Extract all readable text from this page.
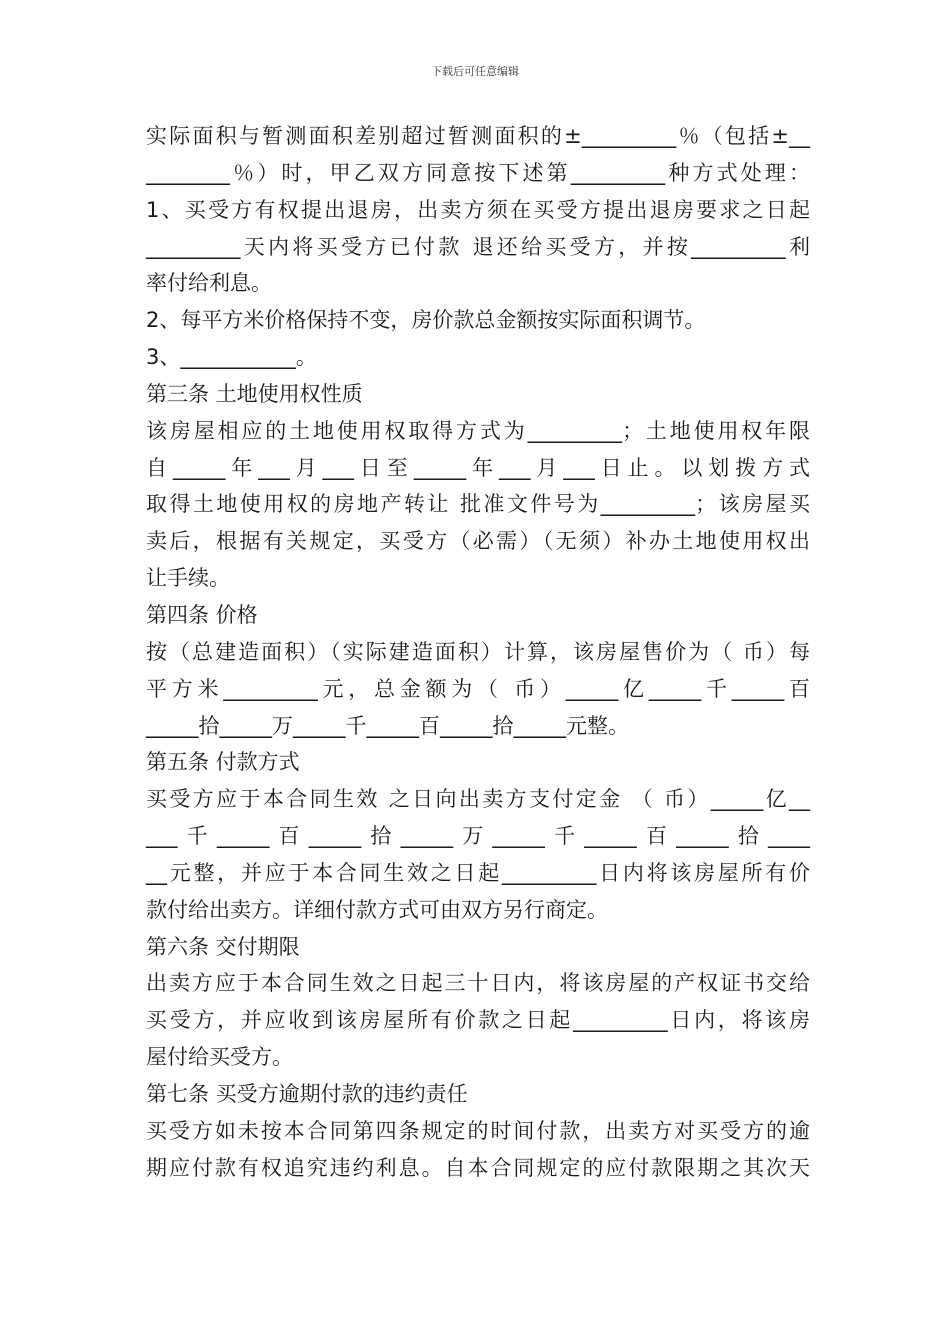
下载后可任意编辑
实际面积与暂测面积差别超过暂测面积的±_________％（包括±__
________％）时，甲乙双方同意按下述第_________种方式处理：
1、买受方有权提出退房，出卖方须在买受方提出退房要求之日起
_________天内将买受方已付款 退还给买受方，并按_________利
率付给利息。
2、每平方米价格保持不变，房价款总金额按实际面积调节。
3、___________。
第三条 土地使用权性质
该房屋相应的土地使用权取得方式为_________；土地使用权年限
自_____年___月___日至_____年___月___日止。以划拨方式
取得土地使用权的房地产转让 批准文件号为_________；该房屋买
卖后，根据有关规定，买受方（必需）（无须）补办土地使用权出
让手续。
第四条 价格
按（总建造面积）（实际建造面积）计算，该房屋售价为（ 币）每
平方米_________元，总金额为（ 币）_____亿_____千_____百
_____拾_____万_____千_____百_____拾_____元整。
第五条 付款方式
买受方应于本合同生效 之日向出卖方支付定金 （ 币）_____亿__
___千_____百_____拾_____万_____千_____百_____拾____
__元整，并应于本合同生效之日起_________日内将该房屋所有价
款付给出卖方。详细付款方式可由双方另行商定。
第六条 交付期限
出卖方应于本合同生效之日起三十日内，将该房屋的产权证书交给
买受方，并应收到该房屋所有价款之日起_________日内，将该房
屋付给买受方。
第七条 买受方逾期付款的违约责任
买受方如未按本合同第四条规定的时间付款，出卖方对买受方的逾
期应付款有权追究违约利息。自本合同规定的应付款限期之其次天
